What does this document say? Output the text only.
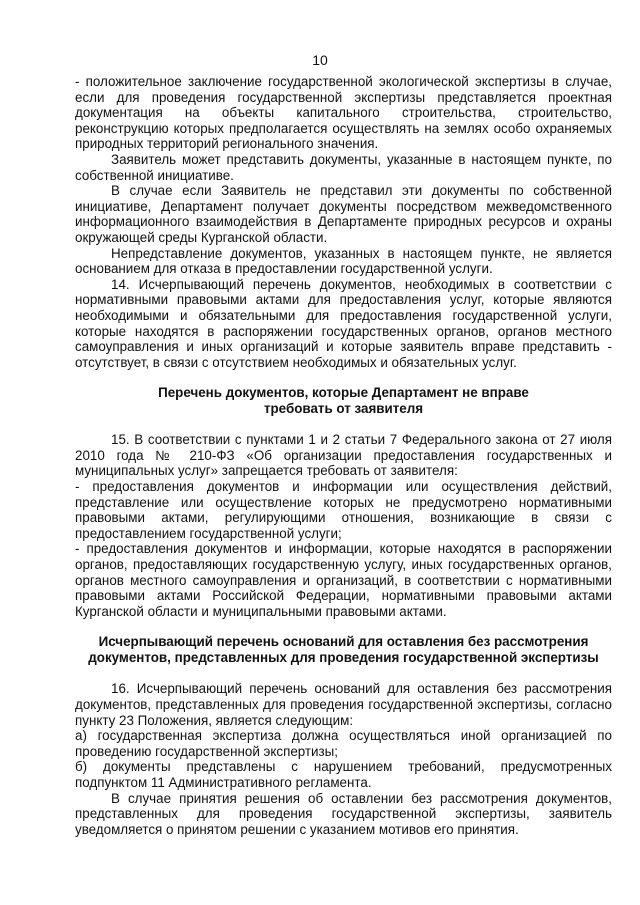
10

- положительное заключение государственной экологической экспертизы в случае, если для проведения государственной экспертизы представляется проектная документация на объекты капитального строительства, строительство, реконструкцию которых предполагается осуществлять на землях особо охраняемых природных территорий регионального значения.

Заявитель может представить документы, указанные в настоящем пункте, по собственной инициативе.

В случае если Заявитель не представил эти документы по собственной инициативе, Департамент получает документы посредством межведомственного информационного взаимодействия в Департаменте природных ресурсов и охраны окружающей среды Курганской области.

Непредставление документов, указанных в настоящем пункте, не является основанием для отказа в предоставлении государственной услуги.

14. Исчерпывающий перечень документов, необходимых в соответствии с нормативными правовыми актами для предоставления услуг, которые являются необходимыми и обязательными для предоставления государственной услуги, которые находятся в распоряжении государственных органов, органов местного самоуправления и иных организаций и которые заявитель вправе представить - отсутствует, в связи с отсутствием необходимых и обязательных услуг.

Перечень документов, которые Департамент не вправе
требовать от заявителя

15. В соответствии с пунктами 1 и 2 статьи 7 Федерального закона от 27 июля 2010 года № 210-ФЗ «Об организации предоставления государственных и муниципальных услуг» запрещается требовать от заявителя:

- предоставления документов и информации или осуществления действий, представление или осуществление которых не предусмотрено нормативными правовыми актами, регулирующими отношения, возникающие в связи с предоставлением государственной услуги;

- предоставления документов и информации, которые находятся в распоряжении органов, предоставляющих государственную услугу, иных государственных органов, органов местного самоуправления и организаций, в соответствии с нормативными правовыми актами Российской Федерации, нормативными правовыми актами Курганской области и муниципальными правовыми актами.

Исчерпывающий перечень оснований для оставления без рассмотрения
документов, представленных для проведения государственной экспертизы

16. Исчерпывающий перечень оснований для оставления без рассмотрения документов, представленных для проведения государственной экспертизы, согласно пункту 23 Положения, является следующим:

а) государственная экспертиза должна осуществляться иной организацией по проведению государственной экспертизы;

б) документы представлены с нарушением требований, предусмотренных подпунктом 11 Административного регламента.

В случае принятия решения об оставлении без рассмотрения документов, представленных для проведения государственной экспертизы, заявитель уведомляется о принятом решении с указанием мотивов его принятия.
